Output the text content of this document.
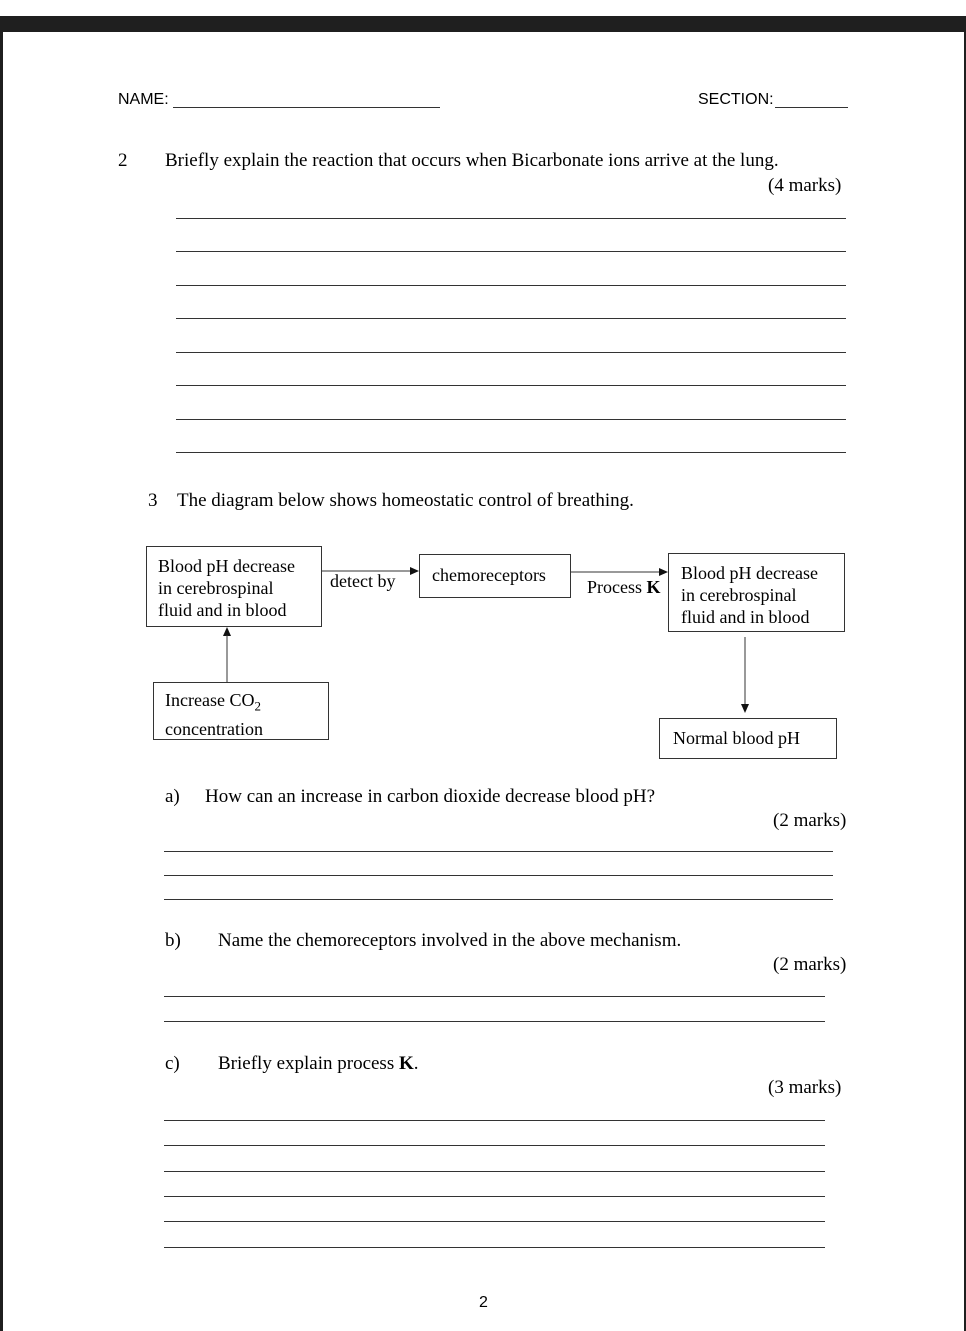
NAME:	SECTION:
2 Briefly explain the reaction that occurs when Bicarbonate ions arrive at the lung.
(4 marks)
3 The diagram below shows homeostatic control of breathing.
Blood pH decrease
in cerebrospinal
fluid and in blood
detect by chemoreceptors
Process K
Blood pH decrease
in cerebrospinal
fluid and in blood
Increase $CO_2$
concentration	Normal blood pH
a) How can an increase in carbon dioxide decrease blood pH?
(2 marks)
b) Name the chemoreceptors involved in the above mechanism.
(2 marks)
c) Briefly explain process K.
(3 marks)
2
